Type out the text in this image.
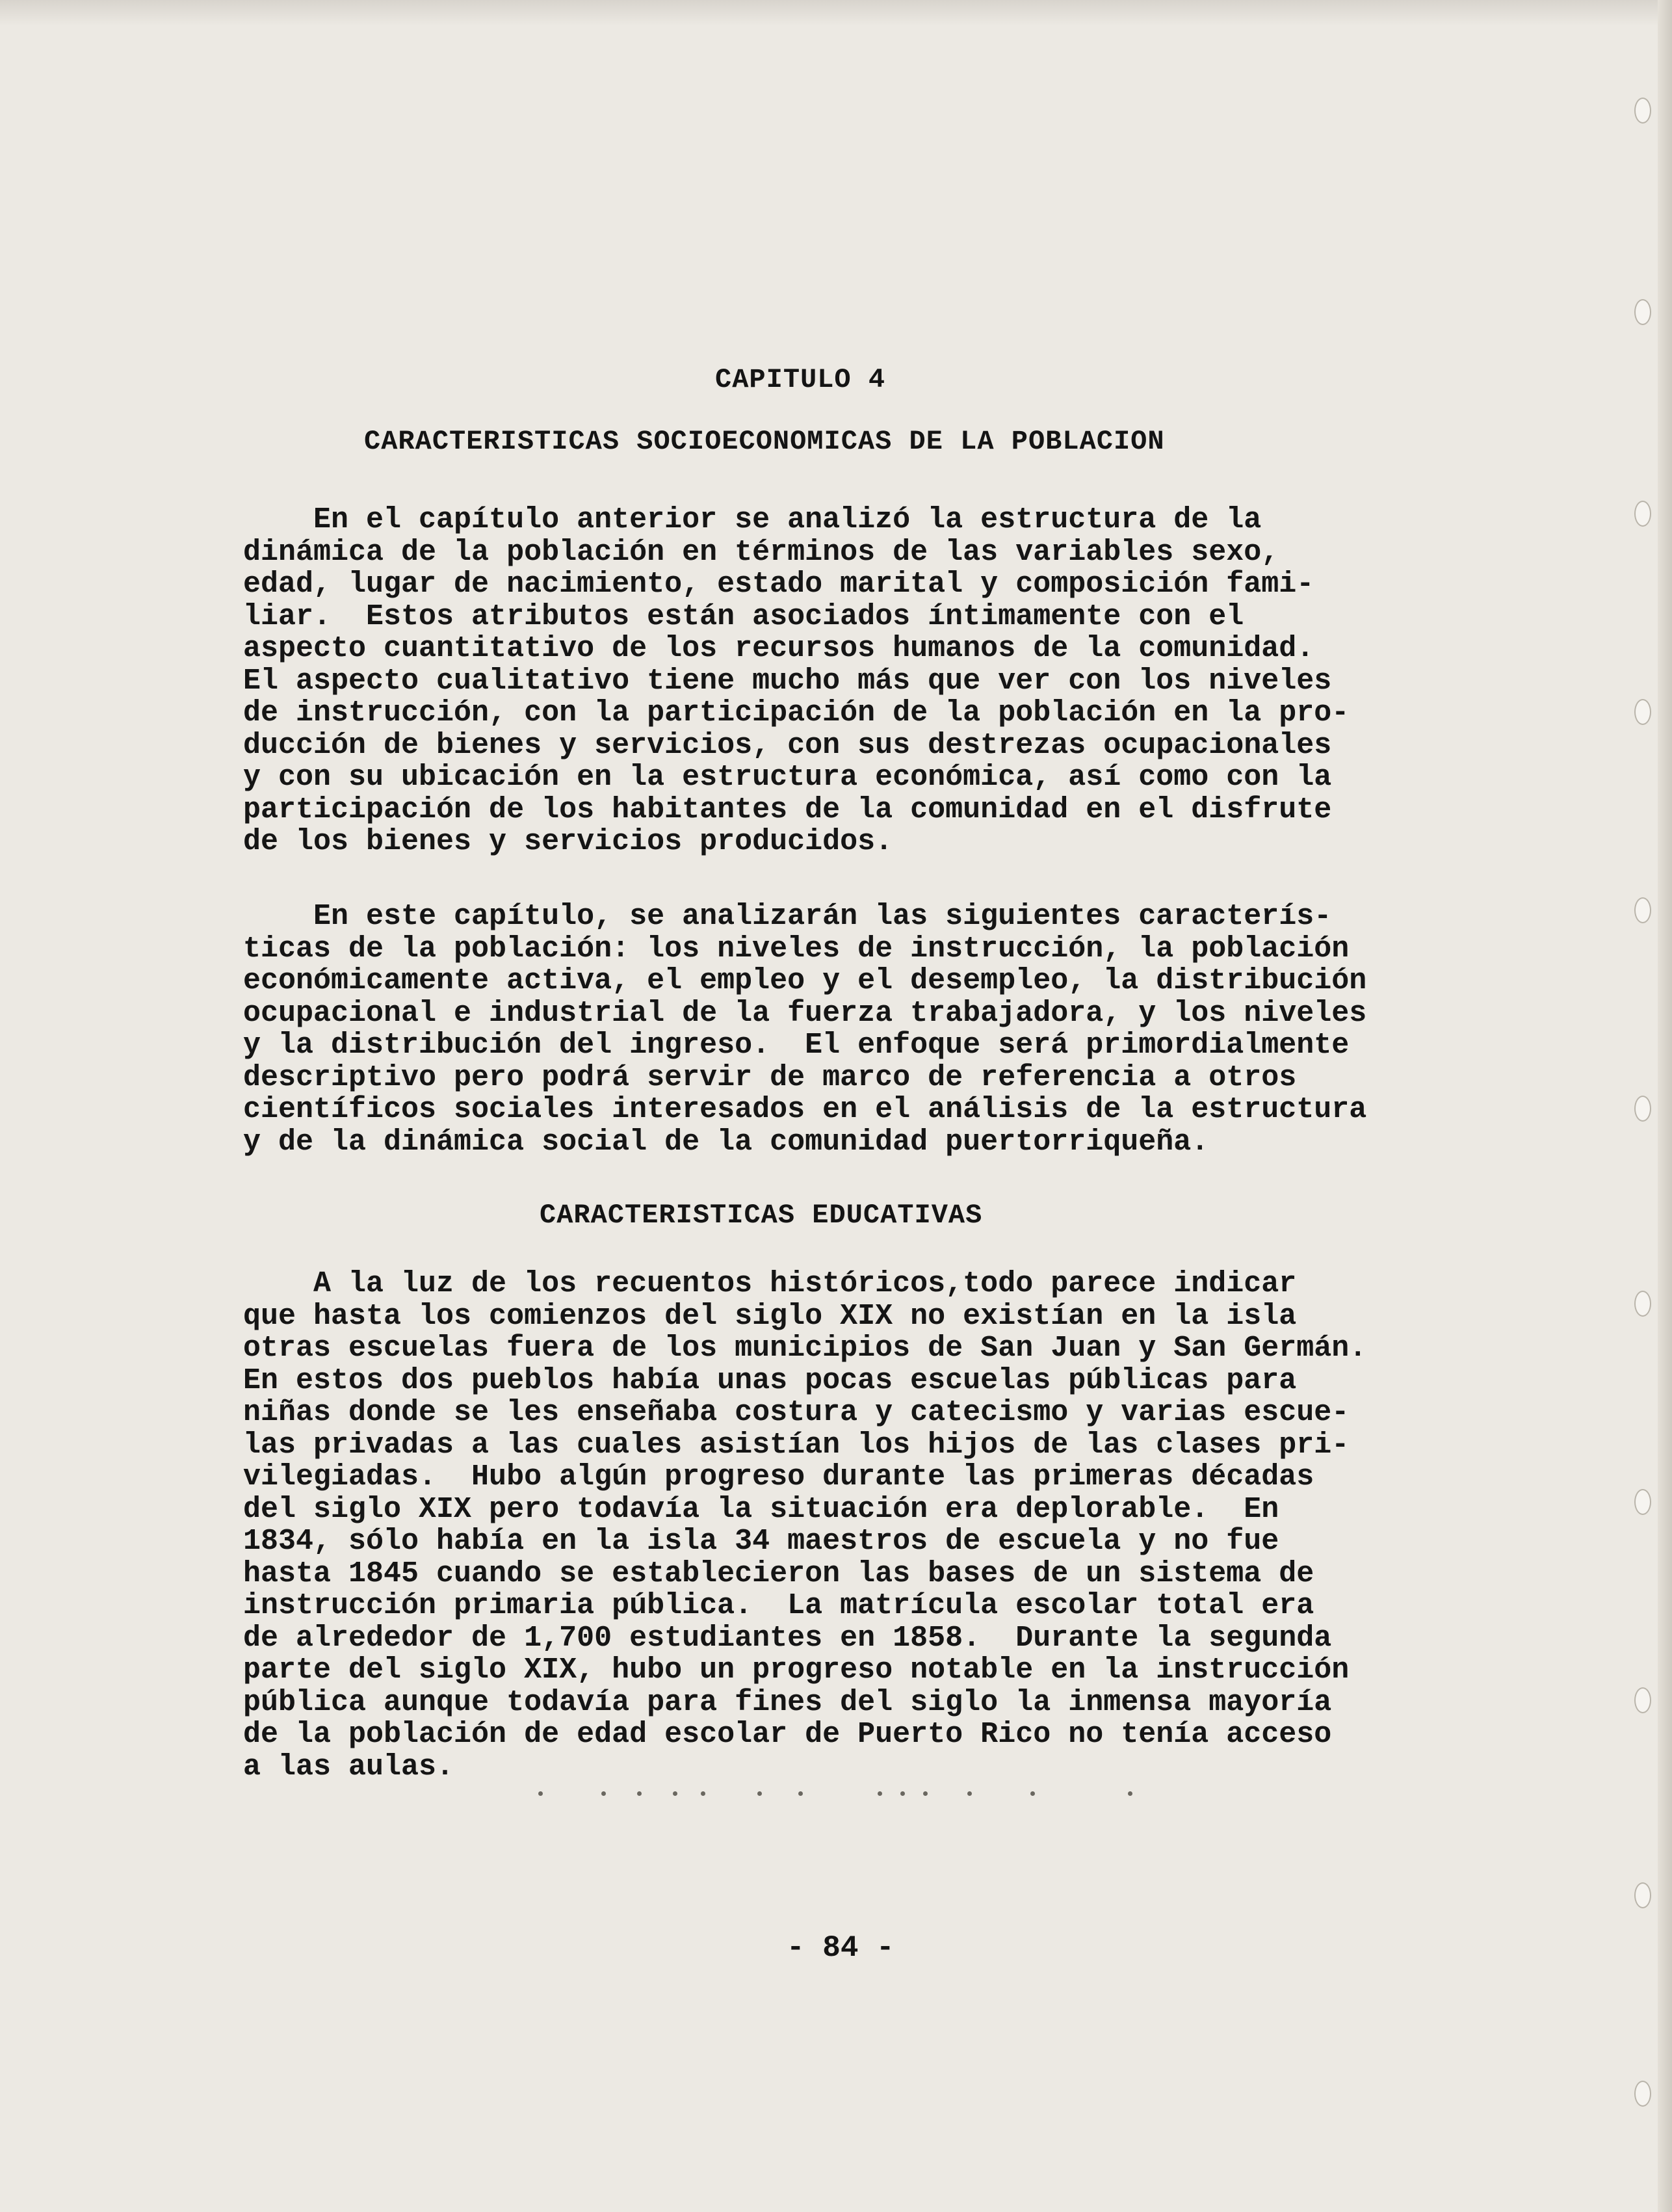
CAPITULO 4
CARACTERISTICAS SOCIOECONOMICAS DE LA POBLACION
En el capítulo anterior se analizó la estructura de la
dinámica de la población en términos de las variables sexo,
edad, lugar de nacimiento, estado marital y composición fami-
liar.  Estos atributos están asociados íntimamente con el
aspecto cuantitativo de los recursos humanos de la comunidad.
El aspecto cualitativo tiene mucho más que ver con los niveles
de instrucción, con la participación de la población en la pro-
ducción de bienes y servicios, con sus destrezas ocupacionales
y con su ubicación en la estructura económica, así como con la
participación de los habitantes de la comunidad en el disfrute
de los bienes y servicios producidos.
En este capítulo, se analizarán las siguientes caracterís-
ticas de la población: los niveles de instrucción, la población
económicamente activa, el empleo y el desempleo, la distribución
ocupacional e industrial de la fuerza trabajadora, y los niveles
y la distribución del ingreso.  El enfoque será primordialmente
descriptivo pero podrá servir de marco de referencia a otros
científicos sociales interesados en el análisis de la estructura
y de la dinámica social de la comunidad puertorriqueña.
CARACTERISTICAS EDUCATIVAS
A la luz de los recuentos históricos,todo parece indicar
que hasta los comienzos del siglo XIX no existían en la isla
otras escuelas fuera de los municipios de San Juan y San Germán.
En estos dos pueblos había unas pocas escuelas públicas para
niñas donde se les enseñaba costura y catecismo y varias escue-
las privadas a las cuales asistían los hijos de las clases pri-
vilegiadas.  Hubo algún progreso durante las primeras décadas
del siglo XIX pero todavía la situación era deplorable.  En
1834, sólo había en la isla 34 maestros de escuela y no fue
hasta 1845 cuando se establecieron las bases de un sistema de
instrucción primaria pública.  La matrícula escolar total era
de alrededor de 1,700 estudiantes en 1858.  Durante la segunda
parte del siglo XIX, hubo un progreso notable en la instrucción
pública aunque todavía para fines del siglo la inmensa mayoría
de la población de edad escolar de Puerto Rico no tenía acceso
a las aulas.
- 84 -
